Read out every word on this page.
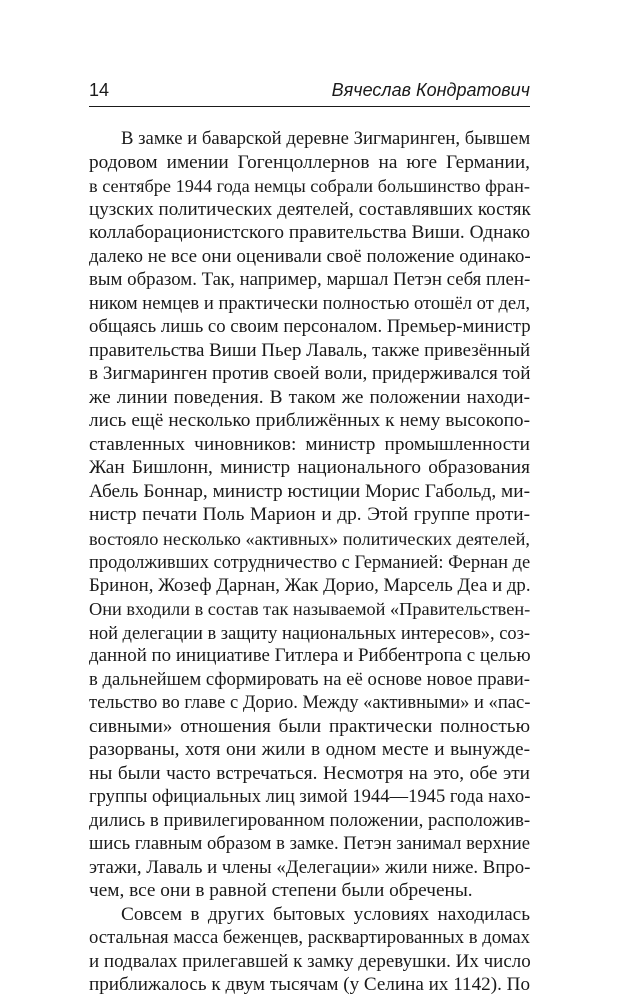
14	Вячеслав Кондратович
В замке и баварской деревне Зигмаринген, бывшем
родовом имении Гогенцоллернов на юге Германии,
в сентябре 1944 года немцы собрали большинство фран-
цузских политических деятелей, составлявших костяк
коллаборационистского правительства Виши. Однако
далеко не все они оценивали своё положение одинако-
вым образом. Так, например, маршал Петэн себя плен-
ником немцев и практически полностью отошёл от дел,
общаясь лишь со своим персоналом. Премьер-министр
правительства Виши Пьер Лаваль, также привезённый
в Зигмаринген против своей воли, придерживался той
же линии поведения. В таком же положении находи-
лись ещё несколько приближённых к нему высокопо-
ставленных чиновников: министр промышленности
Жан Бишлонн, министр национального образования
Абель Боннар, министр юстиции Морис Габольд, ми-
нистр печати Поль Марион и др. Этой группе проти-
востояло несколько «активных» политических деятелей,
продолживших сотрудничество с Германией: Фернан де
Бринон, Жозеф Дарнан, Жак Дорио, Марсель Деа и др.
Они входили в состав так называемой «Правительствен-
ной делегации в защиту национальных интересов», соз-
данной по инициативе Гитлера и Риббентропа с целью
в дальнейшем сформировать на её основе новое прави-
тельство во главе с Дорио. Между «активными» и «пас-
сивными» отношения были практически полностью
разорваны, хотя они жили в одном месте и вынужде-
ны были часто встречаться. Несмотря на это, обе эти
группы официальных лиц зимой 1944—1945 года нахо-
дились в привилегированном положении, расположив-
шись главным образом в замке. Петэн занимал верхние
этажи, Лаваль и члены «Делегации» жили ниже. Впро-
чем, все они в равной степени были обречены.
Совсем в других бытовых условиях находилась
остальная масса беженцев, расквартированных в домах
и подвалах прилегавшей к замку деревушки. Их число
приближалось к двум тысячам (у Селина их 1142). По
